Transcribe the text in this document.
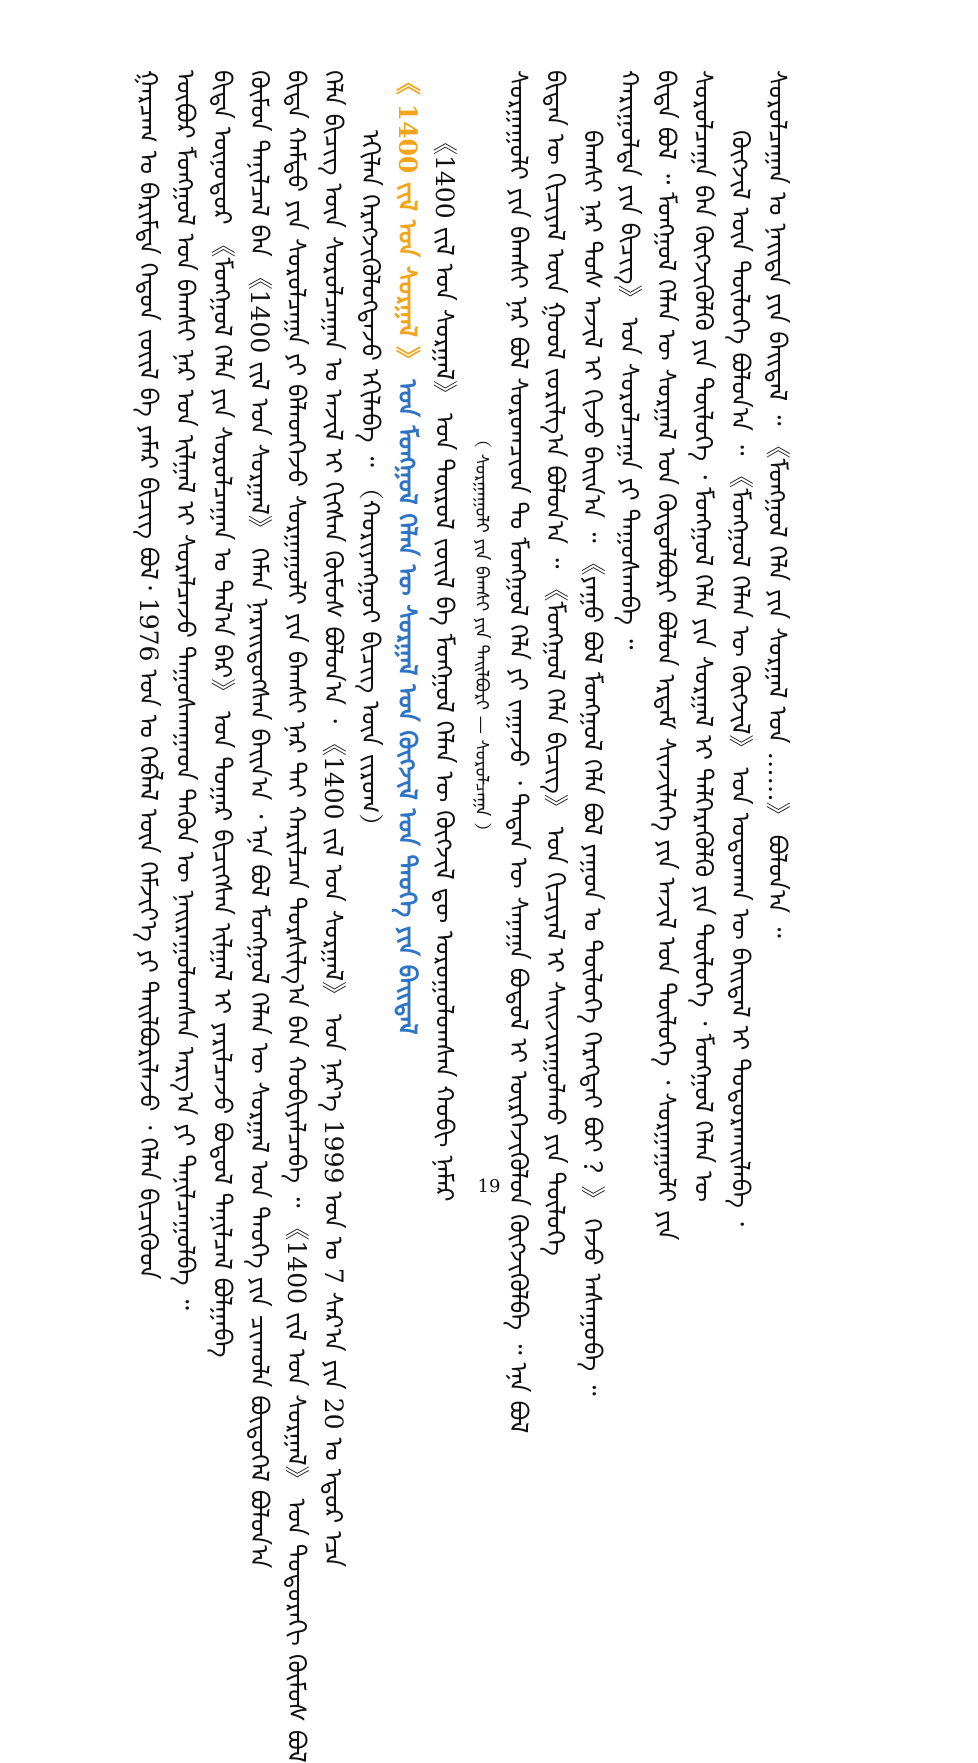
ᠭᠠᠷᠴᠠᠭ ᠤ ᠪᠠᠷᠢᠮᠲᠠ ᠬᠡᠳᠦᠨ ᠵᠦᠢᠯ ᠪᠠ ᠶᠠᠮᠠᠷ ᠪᠢᠴᠢᠭ ᠪᠣᠯ᠂ 1976 ᠣᠨ ᠤ ᠬᠡᠪᠯᠡᠯ ᠦᠨ ᠬᠡᠮᠵᠢᠶ᠎ᠡ ᠶᠢ ᠲᠠᠢᠯᠪᠤᠷᠢᠯᠠᠵᠤ ᠂ ᠬᠡᠯᠡᠨ ᠪᠢᠴᠢᠭᠦᠳ ᠥᠪᠥᠷ ᠮᠣᠩᠭᠣᠯ ᠤᠨ ᠪᠠᠭᠰᠢ ᠨᠠᠷ ᠤᠨ ᠢᠯᠭᠠᠯ ᠢ ᠰᠤᠷᠠᠯᠴᠠᠵᠤ ᠳᠠᠭᠤᠰᠬᠠᠭᠠᠳ ᠲᠡᠭᠦᠨ ᠦ ᠨᠠᠢᠷᠠᠭᠤᠯᠤᠭᠰᠠᠨ ᠠᠷᠭ᠎ᠠ ᠶᠢ ᠲᠠᠨᠢᠯᠴᠠᠭᠤᠯᠪᠠ ᠃ ᠪᠢᠳᠡ ᠥᠨᠥᠳᠦᠷ 《ᠮᠣᠩᠭᠣᠯ ᠬᠡᠯᠡ ᠶᠢᠨ ᠰᠤᠷᠤᠯᠴᠠᠭᠠᠨ ᠤ ᠲᠠᠯ᠎ᠠ ᠪᠠᠷ》 ᠤᠨ ᠳᠤᠭᠠᠷ ᠪᠢᠴᠢᠭᠰᠡᠨ ᠢᠯᠭᠠᠯ ᠢ ᠶᠠᠷᠢᠯᠴᠠᠵᠤ ᠪᠣᠳᠣᠯ ᠲᠠᠨᠢᠯᠴᠠᠯ ᠪᠣᠯᠭᠠᠪᠠ ᠬᠦᠮᠦᠨ ᠲᠠᠨᠢᠯᠴᠠᠯ ᠪᠠᠨ 《1400 ᠵᠢᠯ ᠤᠨ ᠰᠤᠷᠭᠠᠯ》 ᠬᠡᠮᠡᠨ ᠨᠡᠷᠡᠢᠳᠦᠭᠰᠡᠨ ᠪᠠᠢᠨ᠎ᠠ ᠂ ᠡᠨᠡ ᠪᠣᠯ ᠮᠣᠩᠭᠣᠯ ᠬᠡᠯᠡᠨ ᠦ ᠰᠤᠷᠭᠠᠯ ᠤᠨ ᠲᠡᠦᠬᠡ ᠶᠢᠨ ᠴᠢᠬᠤᠯᠠ ᠪᠦᠲᠦᠭᠡᠯ ᠪᠣᠯᠤᠨ᠎ᠠ ᠪᠢᠳᠡ ᠬᠠᠮᠲᠤ ᠶᠢᠨ ᠰᠤᠷᠤᠯᠴᠠᠭᠠ ᠶᠢ ᠪᠡᠯᠡᠳᠬᠡᠵᠦ ᠰᠤᠷᠭᠠᠭᠤᠯᠢ ᠶᠢᠨ ᠪᠠᠭᠰᠢ ᠨᠠᠷ ᠲᠠᠢ ᠬᠠᠷᠢᠯᠴᠠᠨ ᠲᠤᠷᠰᠢᠯᠭ᠎ᠠ ᠪᠠᠨ ᠬᠤᠪᠢᠶᠠᠯᠴᠠᠪᠠ ᠃ 《1400 ᠵᠢᠯ ᠤᠨ ᠰᠤᠷᠭᠠᠯ》 ᠤᠨ ᠳᠣᠲᠣᠷᠠᠬᠢ ᠬᠦᠮᠦᠰ ᠪᠣᠯ ᠬᠡᠯᠡ ᠪᠢᠴᠢᠭ ᠦᠨ ᠰᠤᠷᠤᠯᠴᠠᠭᠠᠨ ᠤ ᠠᠵᠢᠯ ᠢ ᠬᠢᠭᠰᠡᠨ ᠬᠦᠮᠦᠰ ᠪᠣᠯᠤᠨ᠎ᠠ ᠂ 《1400 ᠵᠢᠯ ᠤᠨ ᠰᠤᠷᠭᠠᠯ》 ᠤᠨ ᠨᠡᠷ᠎ᠡ 1999 ᠣᠨ ᠤ 7 ᠰᠠᠷ᠎ᠠ ᠶᠢᠨ 20 ᠤ ᠡᠳᠦᠷ ᠡᠴᠡ ᠡᠬᠢᠯᠡᠨ ᠬᠡᠷᠡᠭᠵᠢᠭᠦᠯᠦᠭᠳᠡᠵᠦ ᠡᠬᠢᠯᠡᠪᠡ ᠃ （ᠬᠤᠷᠢᠶᠠᠩᠭᠤᠢ ᠪᠢᠴᠢᠭ ᠦᠨ ᠵᠢᠷᠤᠭ）
《 1400 ᠵᠢᠯ ᠤᠨ ᠰᠤᠷᠭᠠᠯ 》 ᠤᠨ ᠮᠣᠩᠭᠣᠯ ᠬᠡᠯᠡᠨ ᠦ ᠰᠤᠷᠭᠠᠯ ᠤᠨ ᠬᠥᠭᠵᠢᠯ ᠤᠨ ᠲᠡᠦᠬᠡ ᠶᠢᠨ ᠪᠠᠢᠳᠠᠯ 《1400 ᠵᠢᠯ ᠤᠨ ᠰᠤᠷᠭᠠᠯ》 ᠤᠨ ᠲᠥᠷᠥᠯ ᠵᠦᠢᠯ ᠪᠠ ᠮᠣᠩᠭᠣᠯ ᠬᠡᠯᠡᠨ ᠦ ᠬᠥᠭᠵᠢᠯ ᠳᠦ ᠣᠷᠤᠭᠤᠯᠤᠭᠰᠠᠨ ᠬᠤᠪᠢ ᠨᠡᠮᠡᠷ （ ᠰᠤᠷᠭᠠᠭᠤᠯᠢ ᠶᠢᠨ ᠪᠠᠭᠰᠢ ᠶᠢᠨ ᠲᠠᠢᠯᠪᠤᠷᠢ — ᠰᠤᠷᠤᠯᠴᠠᠭᠠ ） ᠰᠤᠷᠭᠠᠭᠤᠯᠢ ᠶᠢᠨ ᠪᠠᠭᠰᠢ ᠨᠠᠷ ᠪᠣᠯ ᠰᠤᠷᠤᠭᠴᠢᠳ ᠲᠤ ᠮᠣᠩᠭᠣᠯ ᠬᠡᠯᠡ ᠶᠢ ᠵᠠᠭᠠᠵᠤ ᠂ ᠲᠡᠳᠡᠨ ᠦ ᠰᠠᠨᠠᠭᠠ ᠪᠣᠳᠣᠯ ᠢ ᠥᠷᠭᠡᠵᠢᠭᠦᠯᠦᠨ ᠬᠥᠭᠵᠢᠭᠦᠯᠪᠡ ᠃ ᠡᠨᠡ ᠪᠣᠯ ᠪᠢᠳᠡᠨ ᠦ ᠬᠢᠴᠢᠶᠡᠯ ᠦᠨ ᠭᠣᠣᠯ ᠵᠣᠷᠢᠯᠭ᠎ᠠ ᠪᠣᠯᠤᠨ᠎ᠠ ᠃ 《ᠮᠣᠩᠭᠣᠯ ᠬᠡᠯᠡ ᠪᠢᠴᠢᠭ》 ᠤᠨ ᠬᠢᠴᠢᠶᠡᠯ ᠢ ᠰᠠᠢᠵᠢᠷᠠᠭᠤᠯᠬᠤ ᠶᠢᠨ ᠲᠥᠯᠥᠭᠡ ᠪᠠᠭᠰᠢ ᠨᠠᠷ ᠲᠤᠰ ᠠᠵᠢᠯ ᠢ ᠬᠢᠵᠦ ᠪᠠᠢᠨ᠎ᠠ ᠃ 《ᠶᠠᠭᠤ ᠪᠣᠯ ᠮᠣᠩᠭᠣᠯ ᠬᠡᠯᠡ ᠪᠣᠯ ᠶᠠᠭᠤᠨ ᠤ ᠲᠥᠯᠥᠭᠡ ᠬᠡᠷᠡᠭᠲᠡᠢ ᠪᠣᠢ ？》 ᠭᠡᠵᠦ ᠠᠰᠠᠭᠤᠪᠠ ᠃ ᠬᠠᠷᠢᠭᠤᠯᠲᠠ ᠶᠢᠨ ᠪᠢᠴᠢᠭ》 ᠤᠨ ᠰᠤᠷᠤᠯᠴᠠᠭᠠ ᠶᠢ ᠳᠠᠭᠤᠰᠬᠠᠪᠠ ᠃ ᠪᠢᠳᠡ ᠪᠣᠯ ᠃ ᠮᠣᠩᠭᠣᠯ ᠬᠡᠯᠡᠨ ᠦ ᠰᠤᠷᠭᠠᠯ ᠤᠨ ᠬᠥᠲᠥᠯᠪᠦᠷᠢ ᠪᠣᠯᠤᠨ ᠡᠷᠳᠡᠮ ᠰᠢᠨᠵᠢᠯᠡᠭᠡ ᠶᠢᠨ ᠠᠵᠢᠯ ᠤᠨ ᠲᠥᠯᠥᠭᠡ ᠂ ᠰᠤᠷᠭᠠᠭᠤᠯᠢ ᠶᠢᠨ ᠰᠤᠷᠤᠯᠴᠠᠭᠠ ᠪᠠᠨ ᠬᠥᠭᠵᠢᠭᠦᠯᠬᠦ ᠶᠢᠨ ᠲᠥᠯᠥᠭᠡ ᠂ ᠮᠣᠩᠭᠣᠯ ᠬᠡᠯᠡ ᠶᠢᠨ ᠰᠤᠷᠭᠠᠯ ᠢ ᠳᠡᠯᠭᠡᠷᠡᠭᠦᠯᠬᠦ ᠶᠢᠨ ᠲᠥᠯᠥᠭᠡ ᠂ ᠮᠣᠩᠭᠣᠯ ᠬᠡᠯᠡᠨ ᠦ ᠬᠥᠭᠵᠢᠯ ᠦᠨ ᠲᠥᠯᠥᠭᠡ ᠪᠣᠯᠤᠨ᠎ᠠ ᠃ 《ᠮᠣᠩᠭᠣᠯ ᠬᠡᠯᠡᠨ ᠦ ᠬᠥᠭᠵᠢᠯ》 ᠤᠨ ᠣᠳᠣᠬᠠᠨ ᠦ ᠪᠠᠢᠳᠠᠯ ᠢ ᠲᠣᠳᠣᠷᠬᠠᠢᠯᠠᠪᠠ ᠂ ᠰᠤᠷᠤᠯᠴᠠᠭᠠᠨ ᠤ ᠨᠡᠢᠲᠡ ᠶᠢᠨ ᠪᠠᠢᠳᠠᠯ ᠃ 《ᠮᠣᠩᠭᠣᠯ ᠬᠡᠯᠡ ᠶᠢᠨ ᠰᠤᠷᠭᠠᠯ ᠤᠨ ……》 ᠪᠣᠯᠤᠨ᠎ᠠ ᠃
19
